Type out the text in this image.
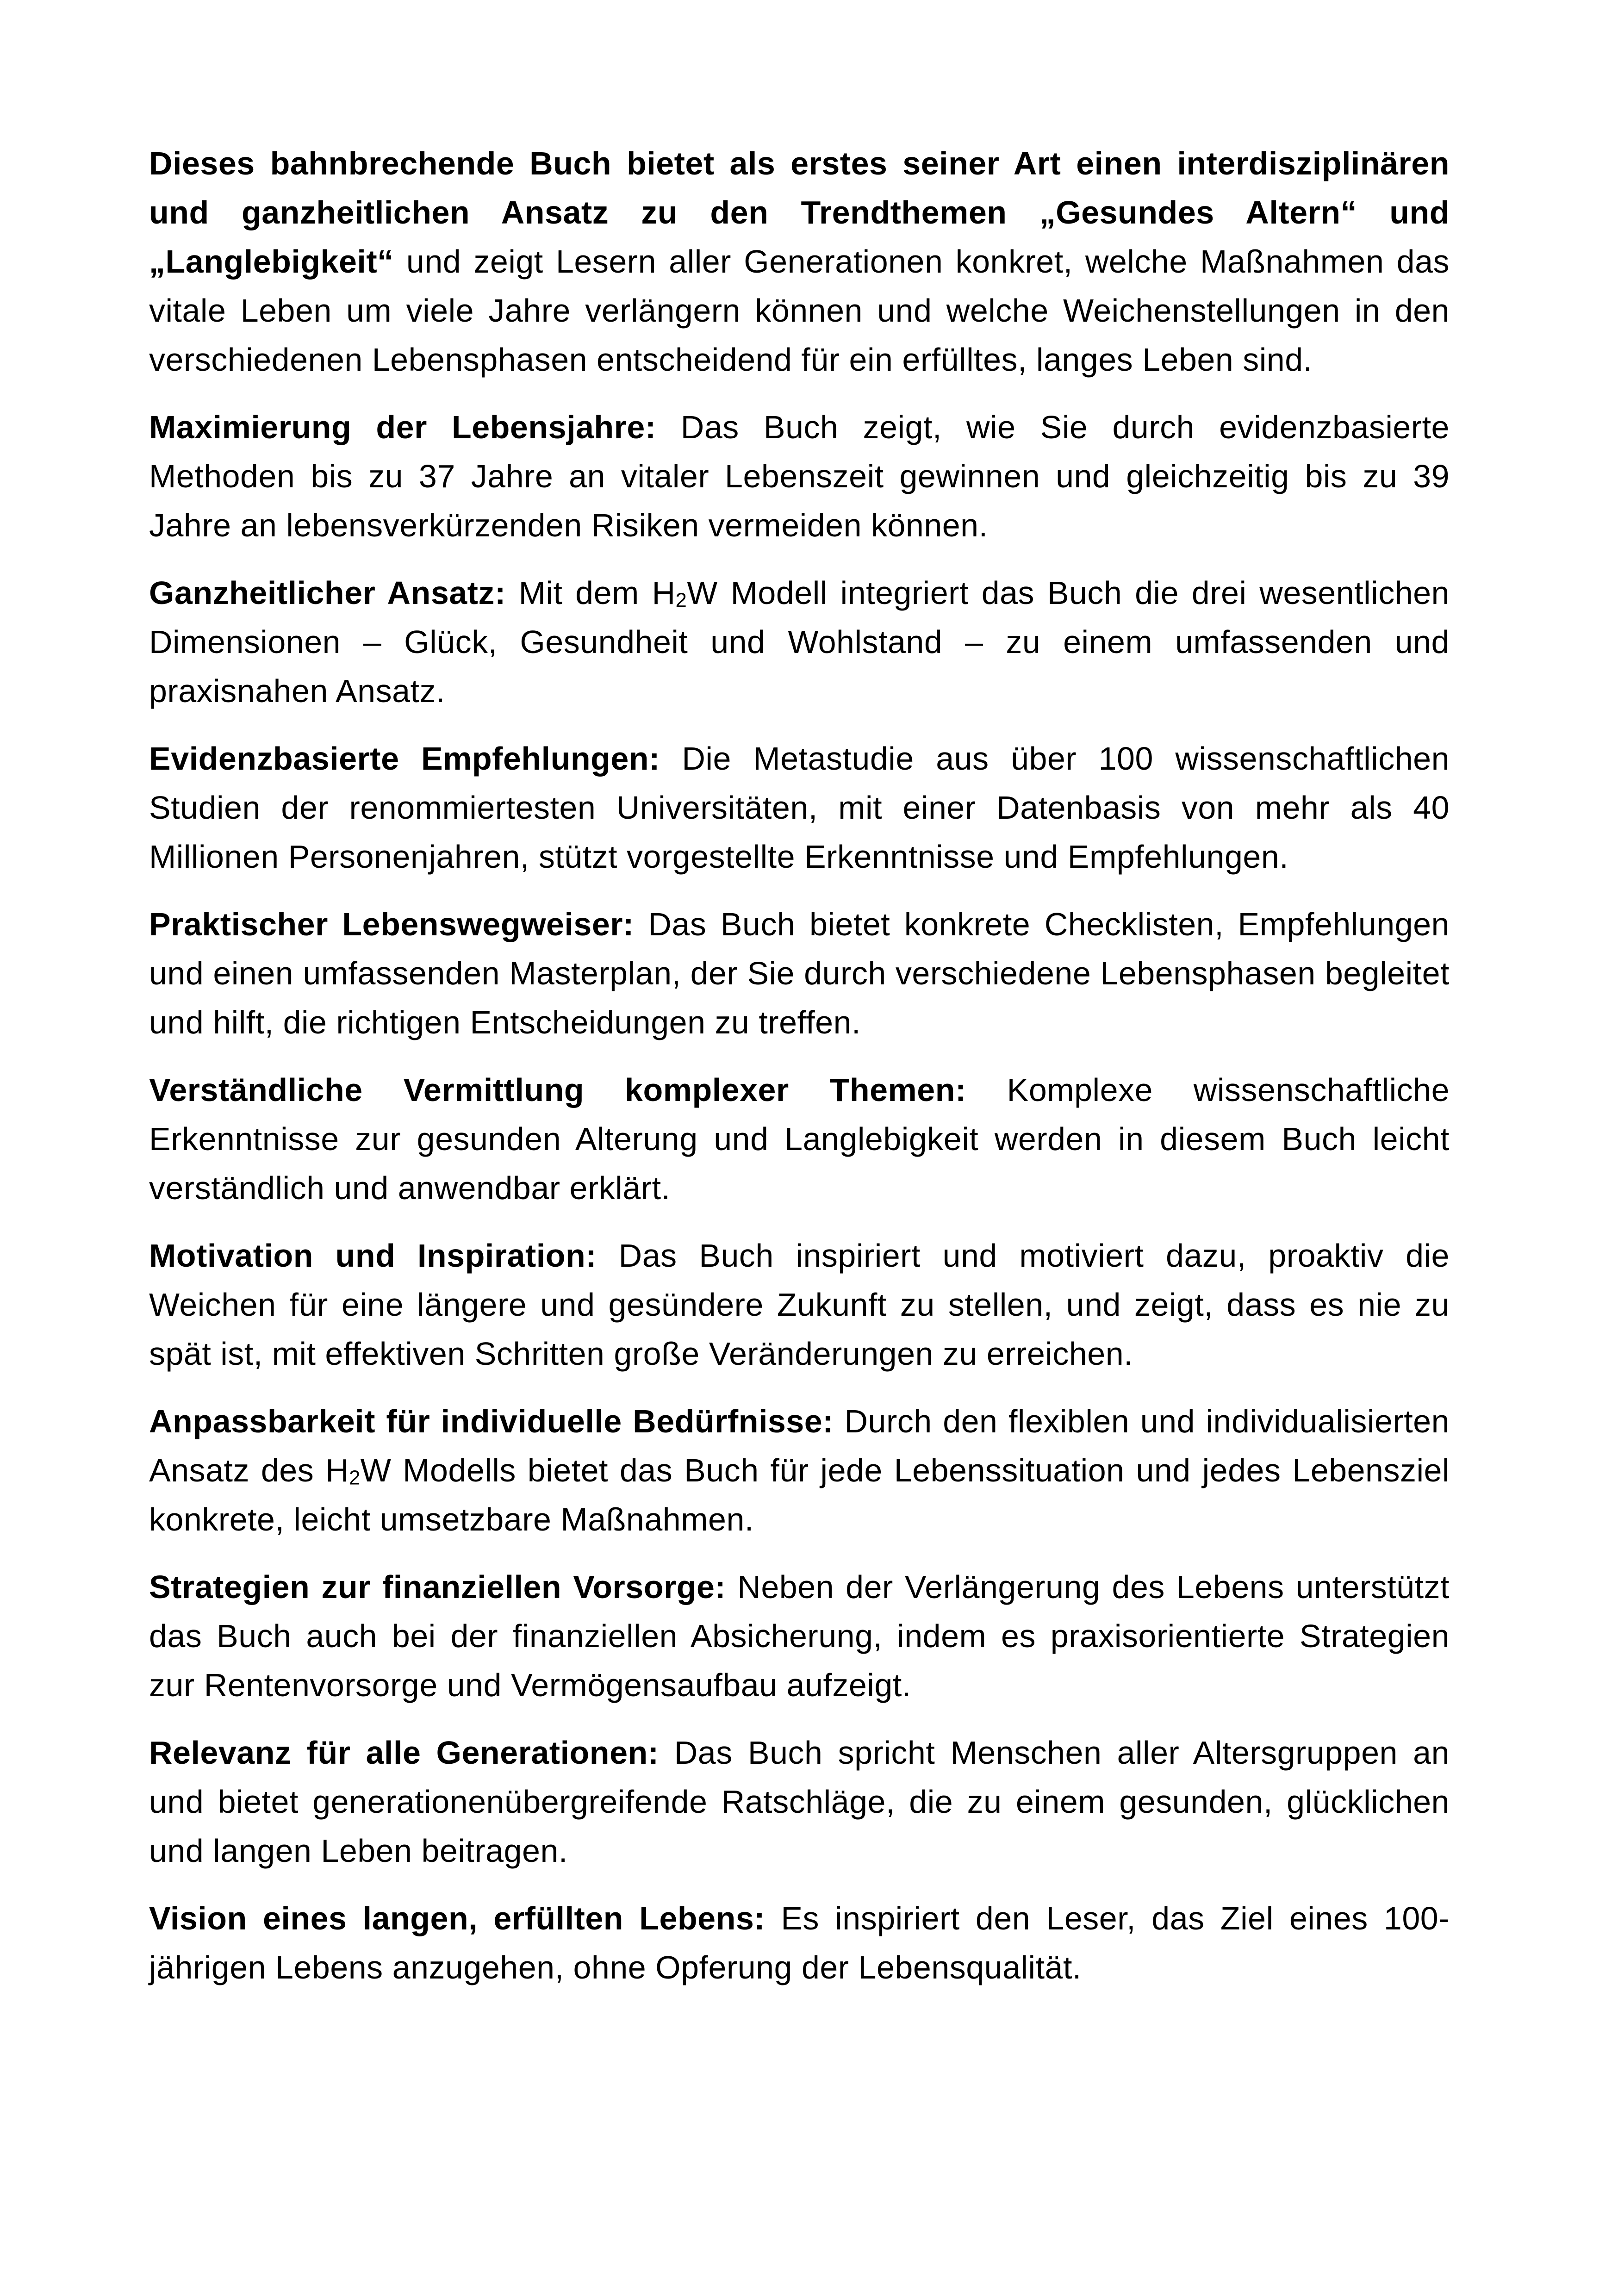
Dieses bahnbrechende Buch bietet als erstes seiner Art einen interdisziplinären und ganzheitlichen Ansatz zu den Trendthemen „Gesundes Altern“ und „Langlebigkeit“ und zeigt Lesern aller Generationen konkret, welche Maßnahmen das vitale Leben um viele Jahre verlängern können und welche Weichenstellungen in den verschiedenen Lebensphasen entscheidend für ein erfülltes, langes Leben sind.

Maximierung der Lebensjahre: Das Buch zeigt, wie Sie durch evidenzbasierte Methoden bis zu 37 Jahre an vitaler Lebenszeit gewinnen und gleichzeitig bis zu 39 Jahre an lebensverkürzenden Risiken vermeiden können.

Ganzheitlicher Ansatz: Mit dem H2W Modell integriert das Buch die drei wesentlichen Dimensionen – Glück, Gesundheit und Wohlstand – zu einem umfassenden und praxisnahen Ansatz.

Evidenzbasierte Empfehlungen: Die Metastudie aus über 100 wissenschaftlichen Studien der renommiertesten Universitäten, mit einer Datenbasis von mehr als 40 Millionen Personenjahren, stützt vorgestellte Erkenntnisse und Empfehlungen.

Praktischer Lebenswegweiser: Das Buch bietet konkrete Checklisten, Empfehlungen und einen umfassenden Masterplan, der Sie durch verschiedene Lebensphasen begleitet und hilft, die richtigen Entscheidungen zu treffen.

Verständliche Vermittlung komplexer Themen: Komplexe wissenschaftliche Erkenntnisse zur gesunden Alterung und Langlebigkeit werden in diesem Buch leicht verständlich und anwendbar erklärt.

Motivation und Inspiration: Das Buch inspiriert und motiviert dazu, proaktiv die Weichen für eine längere und gesündere Zukunft zu stellen, und zeigt, dass es nie zu spät ist, mit effektiven Schritten große Veränderungen zu erreichen.

Anpassbarkeit für individuelle Bedürfnisse: Durch den flexiblen und individualisierten Ansatz des H2W Modells bietet das Buch für jede Lebenssituation und jedes Lebensziel konkrete, leicht umsetzbare Maßnahmen.

Strategien zur finanziellen Vorsorge: Neben der Verlängerung des Lebens unterstützt das Buch auch bei der finanziellen Absicherung, indem es praxisorientierte Strategien zur Rentenvorsorge und Vermögensaufbau aufzeigt.

Relevanz für alle Generationen: Das Buch spricht Menschen aller Altersgruppen an und bietet generationenübergreifende Ratschläge, die zu einem gesunden, glücklichen und langen Leben beitragen.

Vision eines langen, erfüllten Lebens: Es inspiriert den Leser, das Ziel eines 100-jährigen Lebens anzugehen, ohne Opferung der Lebensqualität.
